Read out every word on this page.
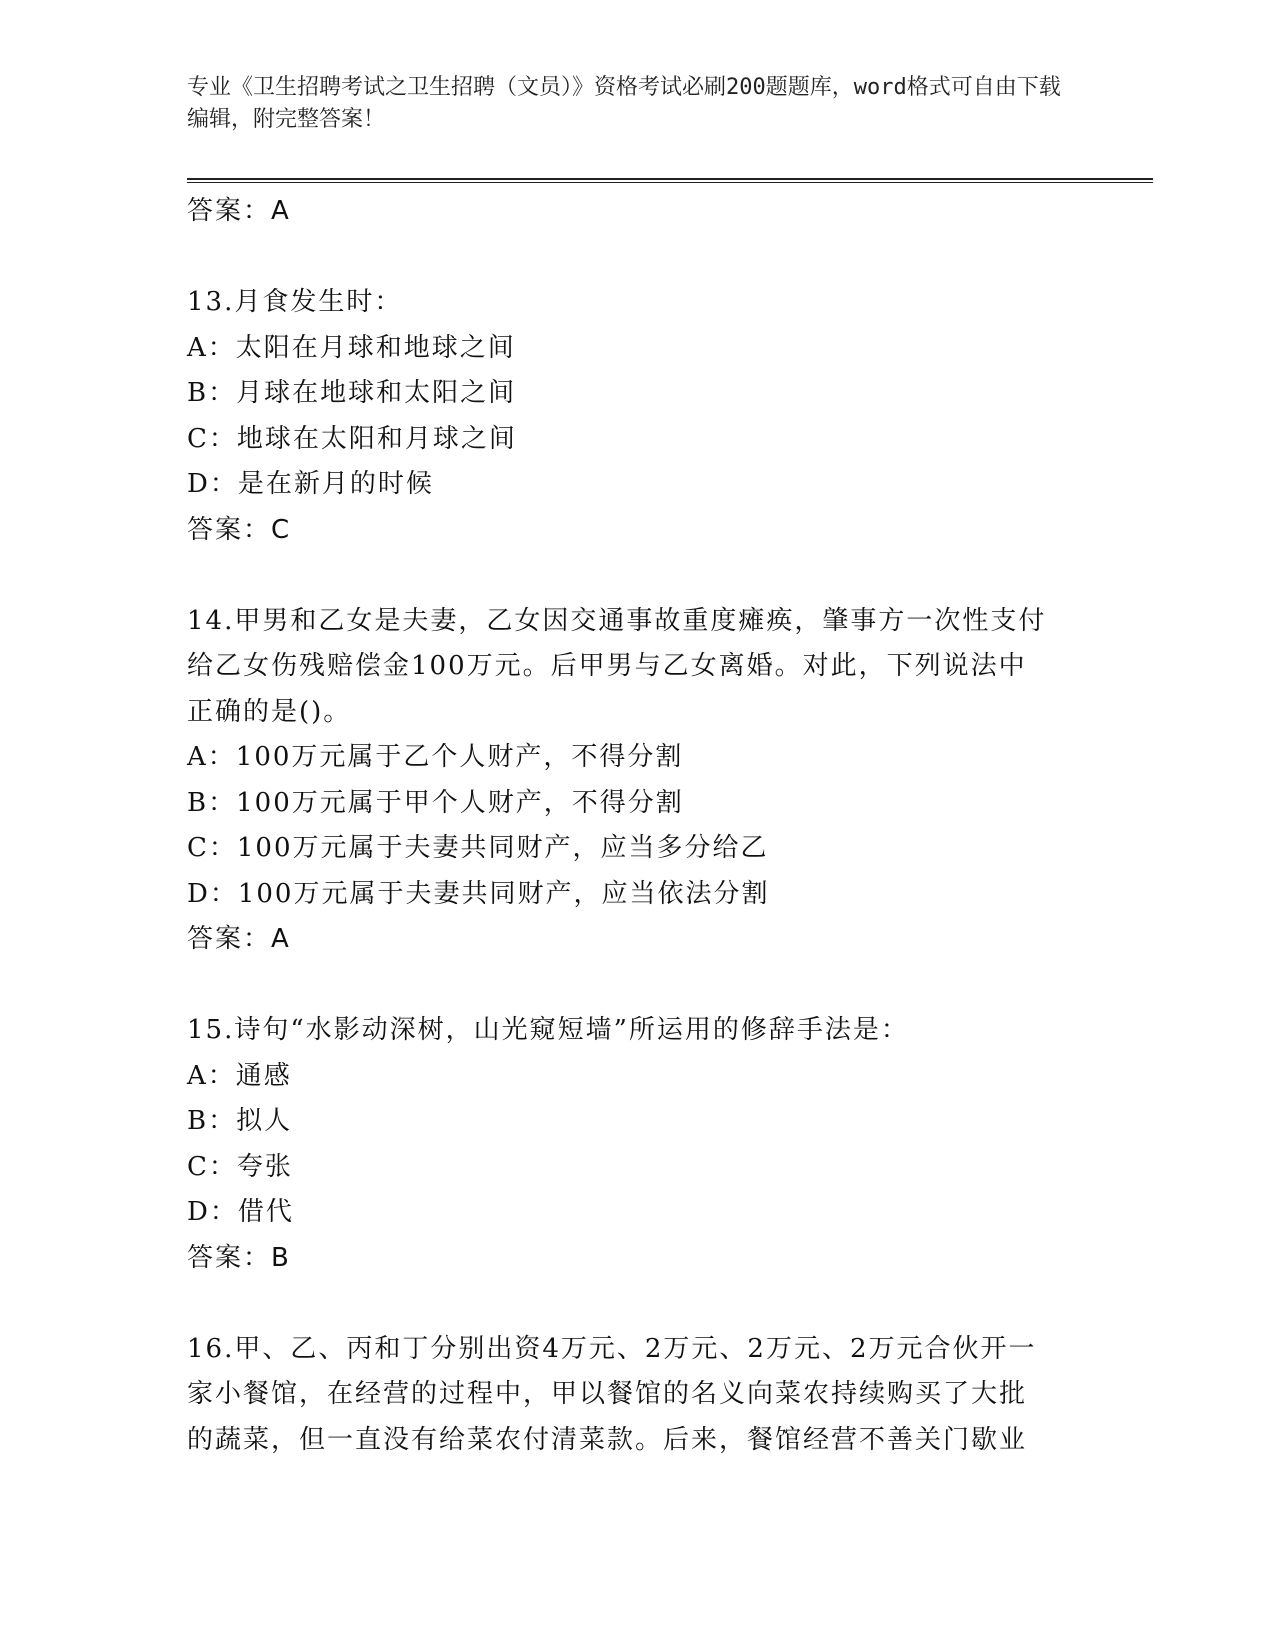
专业《卫生招聘考试之卫生招聘（文员）》资格考试必刷200题题库，word格式可自由下载编辑，附完整答案！
答案：A
13.月食发生时：
A：太阳在月球和地球之间
B：月球在地球和太阳之间
C：地球在太阳和月球之间
D：是在新月的时候
答案：C
14.甲男和乙女是夫妻，乙女因交通事故重度瘫痪，肇事方一次性支付
给乙女伤残赔偿金100万元。后甲男与乙女离婚。对此，下列说法中
正确的是()。
A：100万元属于乙个人财产，不得分割
B：100万元属于甲个人财产，不得分割
C：100万元属于夫妻共同财产，应当多分给乙
D：100万元属于夫妻共同财产，应当依法分割
答案：A
15.诗句“水影动深树，山光窥短墙”所运用的修辞手法是：
A：通感
B：拟人
C：夸张
D：借代
答案：B
16.甲、乙、丙和丁分别出资4万元、2万元、2万元、2万元合伙开一
家小餐馆，在经营的过程中，甲以餐馆的名义向菜农持续购买了大批
的蔬菜，但一直没有给菜农付清菜款。后来，餐馆经营不善关门歇业
